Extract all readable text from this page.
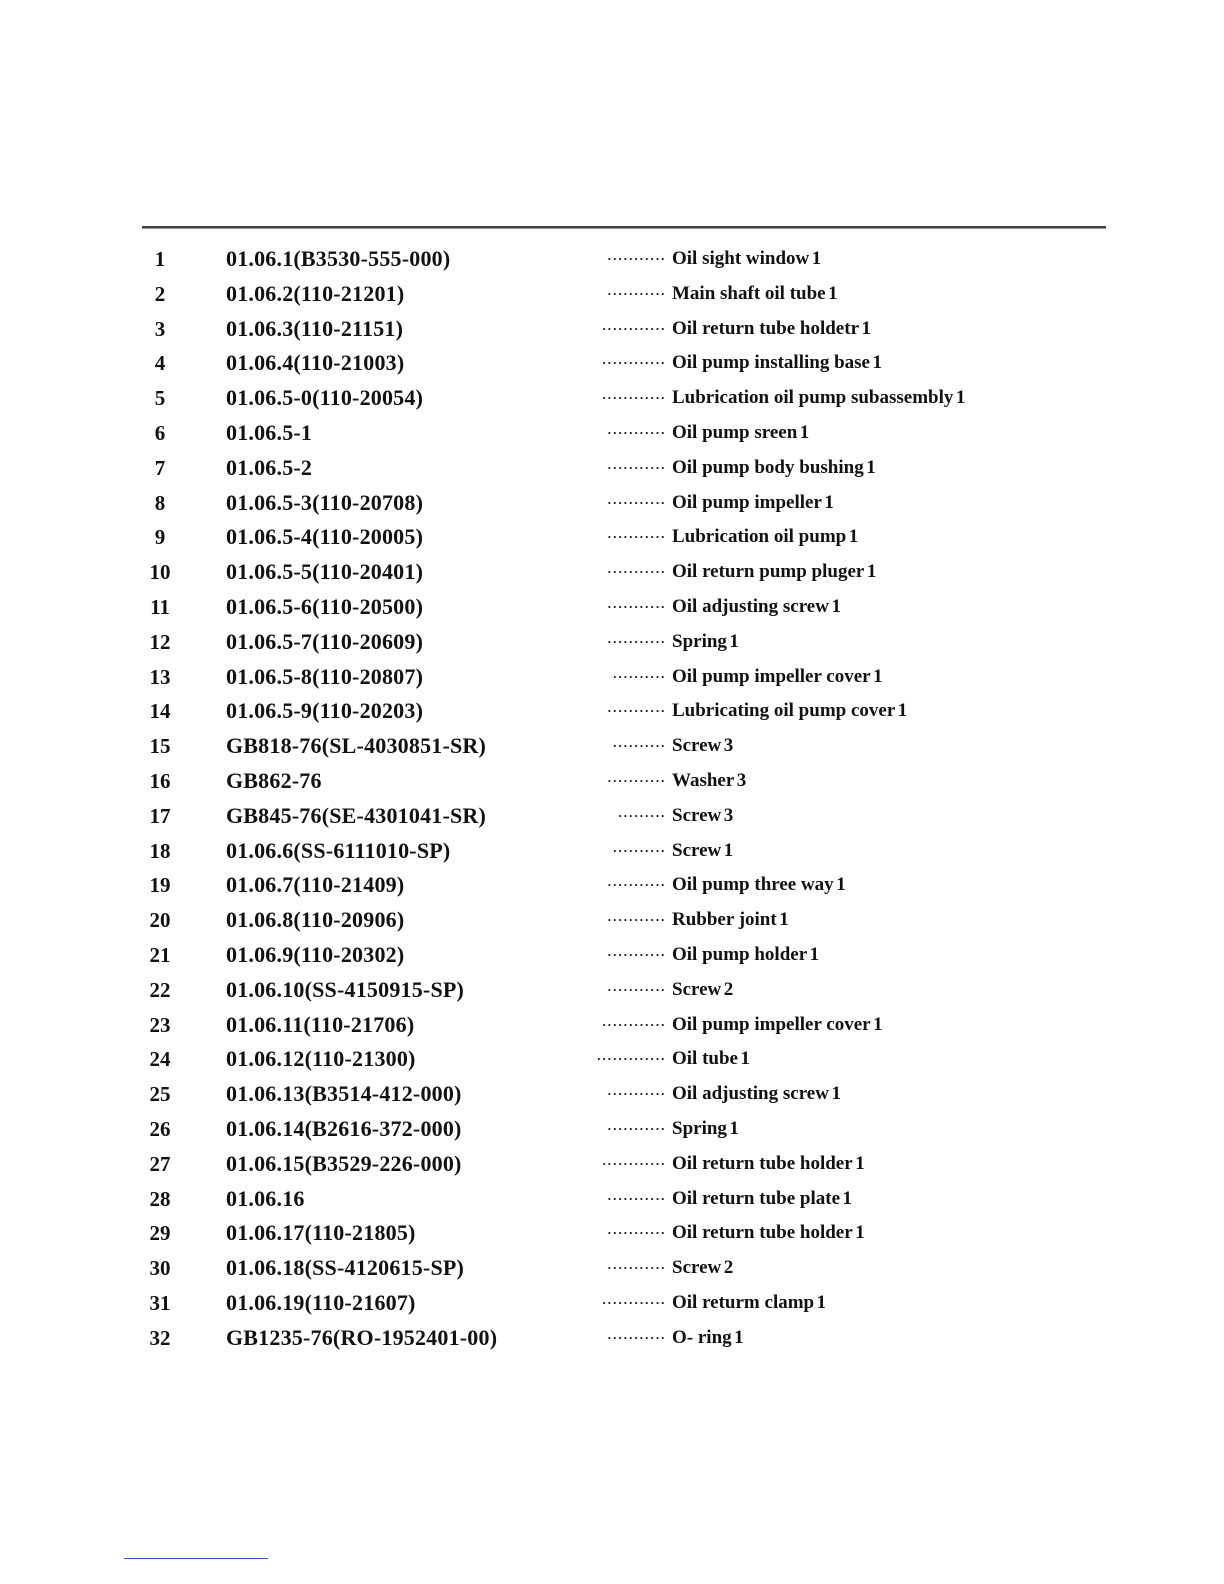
1	01.06.1(B3530-555-000)	··········· Oil sight window 1
2	01.06.2(110-21201)	··········· Main shaft oil tube 1
3	01.06.3(110-21151)	············ Oil return tube holdetr 1
4	01.06.4(110-21003)	············ Oil pump installing base 1
5	01.06.5-0(110-20054)	············ Lubrication oil pump subassembly 1
6	01.06.5-1	··········· Oil pump sreen 1
7	01.06.5-2	··········· Oil pump body bushing 1
8	01.06.5-3(110-20708)	··········· Oil pump impeller 1
9	01.06.5-4(110-20005)	··········· Lubrication oil pump 1
10	01.06.5-5(110-20401)	··········· Oil return pump pluger 1
11	01.06.5-6(110-20500)	··········· Oil adjusting screw 1
12	01.06.5-7(110-20609)	··········· Spring 1
13	01.06.5-8(110-20807)	·········· Oil pump impeller cover 1
14	01.06.5-9(110-20203)	··········· Lubricating oil pump cover 1
15	GB818-76(SL-4030851-SR)	·········· Screw 3
16	GB862-76	··········· Washer 3
17	GB845-76(SE-4301041-SR)	········· Screw 3
18	01.06.6(SS-6111010-SP)	·········· Screw 1
19	01.06.7(110-21409)	··········· Oil pump three way 1
20	01.06.8(110-20906)	··········· Rubber joint 1
21	01.06.9(110-20302)	··········· Oil pump holder 1
22	01.06.10(SS-4150915-SP)	··········· Screw 2
23	01.06.11(110-21706)	············ Oil pump impeller cover 1
24	01.06.12(110-21300)	············· Oil tube 1
25	01.06.13(B3514-412-000)	··········· Oil adjusting screw 1
26	01.06.14(B2616-372-000)	··········· Spring 1
27	01.06.15(B3529-226-000)	············ Oil return tube holder 1
28	01.06.16	··········· Oil return tube plate 1
29	01.06.17(110-21805)	··········· Oil return tube holder 1
30	01.06.18(SS-4120615-SP)	··········· Screw 2
31	01.06.19(110-21607)	············ Oil returm clamp 1
32	GB1235-76(RO-1952401-00)	··········· O- ring 1
